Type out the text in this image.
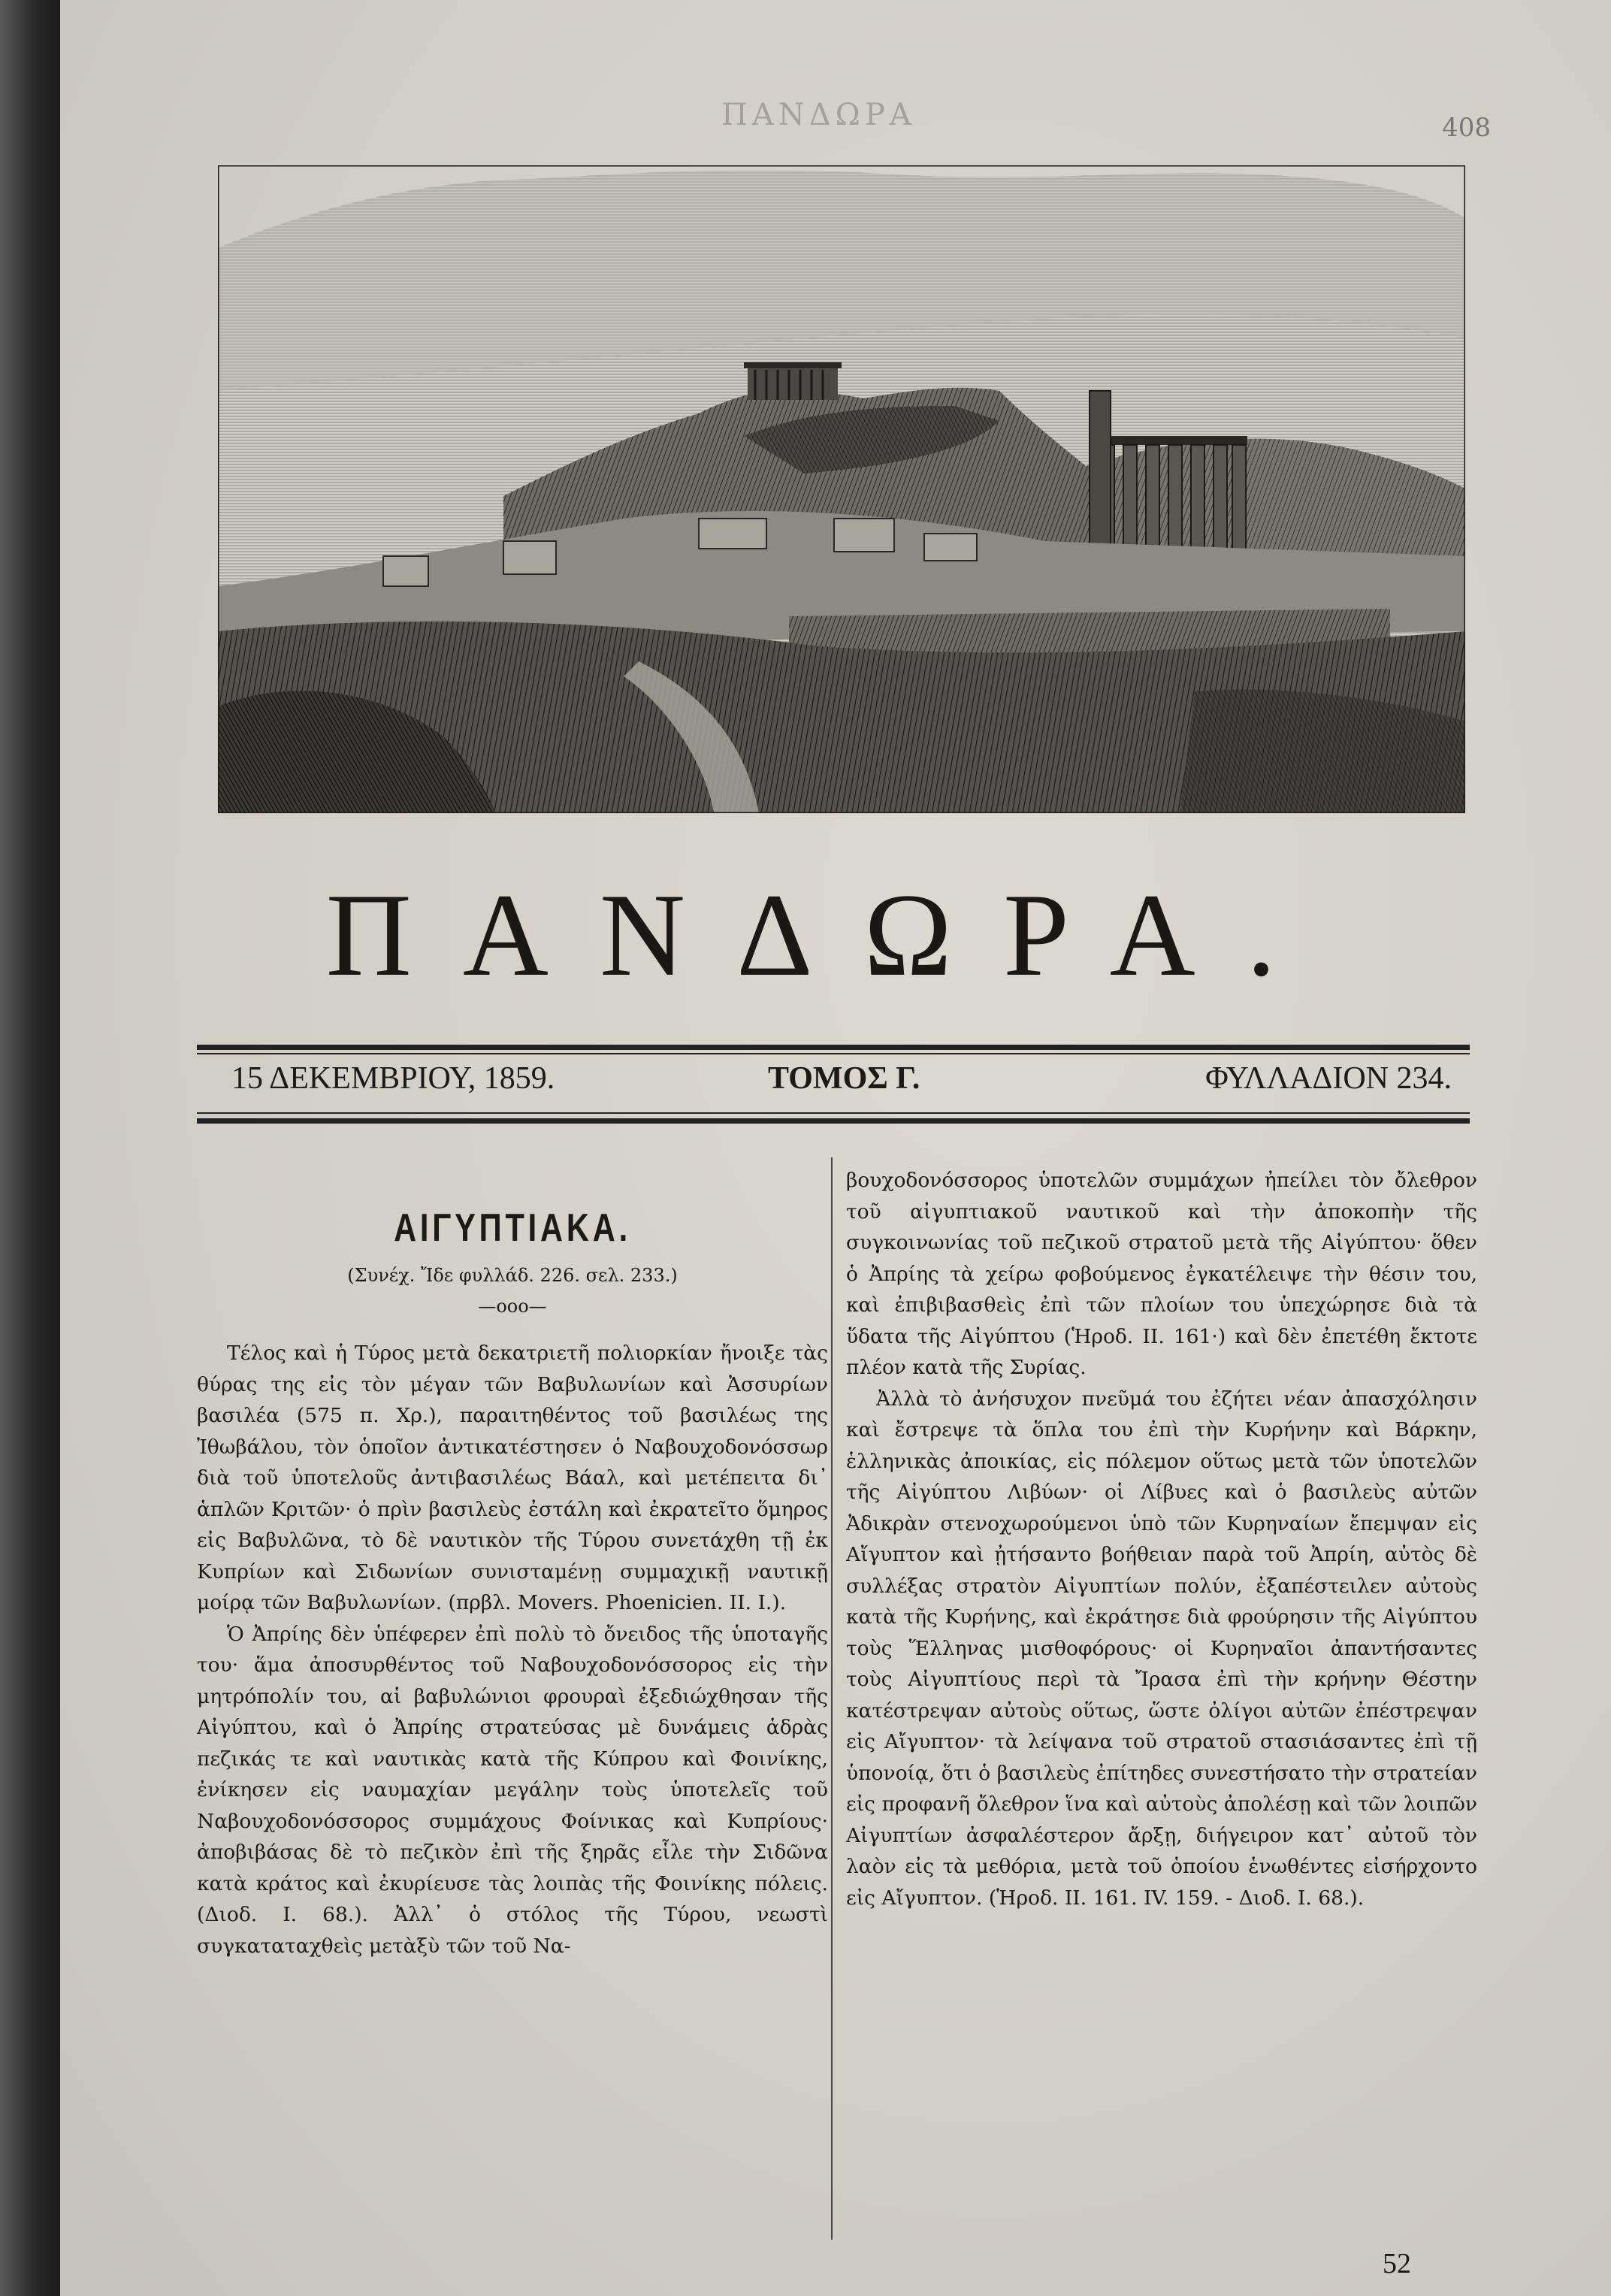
ΠΑΝΔΩΡΑ	408
ΠΑΝΔΩΡΑ.
15 ΔΕΚΕΜΒΡΙΟΥ, 1859.	ΤΟΜΟΣ Γ.	ΦΥΛΛΑΔΙΟΝ 234.
ΑΙΓΥΠΤΙΑΚΑ.
(Συνέχ. Ἴδε φυλλάδ. 226. σελ. 233.)
—οοο—

Τέλος καὶ ἡ Τύρος μετὰ δεκατριετῆ πολιορκίαν ἤνοιξε τὰς θύρας της εἰς τὸν μέγαν τῶν Βαβυλωνίων καὶ Ἀσσυρίων βασιλέα (575 π. Χρ.), παραιτηθέντος τοῦ βασιλέως της Ἰθωβάλου, τὸν ὁποῖον ἀντικατέστησεν ὁ Ναβουχοδονόσσωρ διὰ τοῦ ὑποτελοῦς ἀντιβασιλέως Βάαλ, καὶ μετέπειτα δι᾽ ἁπλῶν Κριτῶν· ὁ πρὶν βασιλεὺς ἐστάλη καὶ ἐκρατεῖτο ὅμηρος εἰς Βαβυλῶνα, τὸ δὲ ναυτικὸν τῆς Τύρου συνετάχθη τῇ ἐκ Κυπρίων καὶ Σιδωνίων συνισταμένῃ συμμαχικῇ ναυτικῇ μοίρᾳ τῶν Βαβυλωνίων. (πρβλ. Movers. Phoenicien. II. I.).

Ὁ Ἀπρίης δὲν ὑπέφερεν ἐπὶ πολὺ τὸ ὄνειδος τῆς ὑποταγῆς του· ἅμα ἀποσυρθέντος τοῦ Ναβουχοδονόσσορος εἰς τὴν μητρόπολίν του, αἱ βαβυλώνιοι φρουραὶ ἐξεδιώχθησαν τῆς Αἰγύπτου, καὶ ὁ Ἀπρίης στρατεύσας μὲ δυνάμεις ἁδρὰς πεζικάς τε καὶ ναυτικὰς κατὰ τῆς Κύπρου καὶ Φοινίκης, ἐνίκησεν εἰς ναυμαχίαν μεγάλην τοὺς ὑποτελεῖς τοῦ Ναβουχοδονόσσορος συμμάχους Φοίνικας καὶ Κυπρίους· ἀποβιβάσας δὲ τὸ πεζικὸν ἐπὶ τῆς ξηρᾶς εἷλε τὴν Σιδῶνα κατὰ κράτος καὶ ἐκυρίευσε τὰς λοιπὰς τῆς Φοινίκης πόλεις. (Διοδ. I. 68.). Ἀλλ᾽ ὁ στόλος τῆς Τύρου, νεωστὶ συγκαταταχθεὶς μετὰξὺ τῶν τοῦ Να-

βουχοδονόσσορος ὑποτελῶν συμμάχων ἠπείλει τὸν ὄλεθρον τοῦ αἰγυπτιακοῦ ναυτικοῦ καὶ τὴν ἀποκοπὴν τῆς συγκοινωνίας τοῦ πεζικοῦ στρατοῦ μετὰ τῆς Αἰγύπτου· ὅθεν ὁ Ἀπρίης τὰ χείρω φοβούμενος ἐγκατέλειψε τὴν θέσιν του, καὶ ἐπιβιβασθεὶς ἐπὶ τῶν πλοίων του ὑπεχώρησε διὰ τὰ ὕδατα τῆς Αἰγύπτου (Ἡροδ. II. 161·) καὶ δὲν ἐπετέθη ἔκτοτε πλέον κατὰ τῆς Συρίας.

Ἀλλὰ τὸ ἀνήσυχον πνεῦμά του ἐζήτει νέαν ἀπασχόλησιν καὶ ἔστρεψε τὰ ὅπλα του ἐπὶ τὴν Κυρήνην καὶ Βάρκην, ἑλληνικὰς ἀποικίας, εἰς πόλεμον οὕτως μετὰ τῶν ὑποτελῶν τῆς Αἰγύπτου Λιβύων· οἱ Λίβυες καὶ ὁ βασιλεὺς αὐτῶν Ἀδικρὰν στενοχωρούμενοι ὑπὸ τῶν Κυρηναίων ἔπεμψαν εἰς Αἴγυπτον καὶ ᾐτήσαντο βοήθειαν παρὰ τοῦ Ἀπρίη, αὐτὸς δὲ συλλέξας στρατὸν Αἰγυπτίων πολύν, ἐξαπέστειλεν αὐτοὺς κατὰ τῆς Κυρήνης, καὶ ἐκράτησε διὰ φρούρησιν τῆς Αἰγύπτου τοὺς Ἕλληνας μισθοφόρους· οἱ Κυρηναῖοι ἀπαντήσαντες τοὺς Αἰγυπτίους περὶ τὰ Ἴρασα ἐπὶ τὴν κρήνην Θέστην κατέστρεψαν αὐτοὺς οὕτως, ὥστε ὀλίγοι αὐτῶν ἐπέστρεψαν εἰς Αἴγυπτον· τὰ λείψανα τοῦ στρατοῦ στασιάσαντες ἐπὶ τῇ ὑπονοίᾳ, ὅτι ὁ βασιλεὺς ἐπίτηδες συνεστήσατο τὴν στρατείαν εἰς προφανῆ ὄλεθρον ἵνα καὶ αὐτοὺς ἀπολέσῃ καὶ τῶν λοιπῶν Αἰγυπτίων ἀσφαλέστερον ἄρξῃ, διήγειρον κατ᾽ αὐτοῦ τὸν λαὸν εἰς τὰ μεθόρια, μετὰ τοῦ ὁποίου ἑνωθέντες εἰσήρχοντο εἰς Αἴγυπτον. (Ἡροδ. II. 161. IV. 159. - Διοδ. I. 68.).

52
